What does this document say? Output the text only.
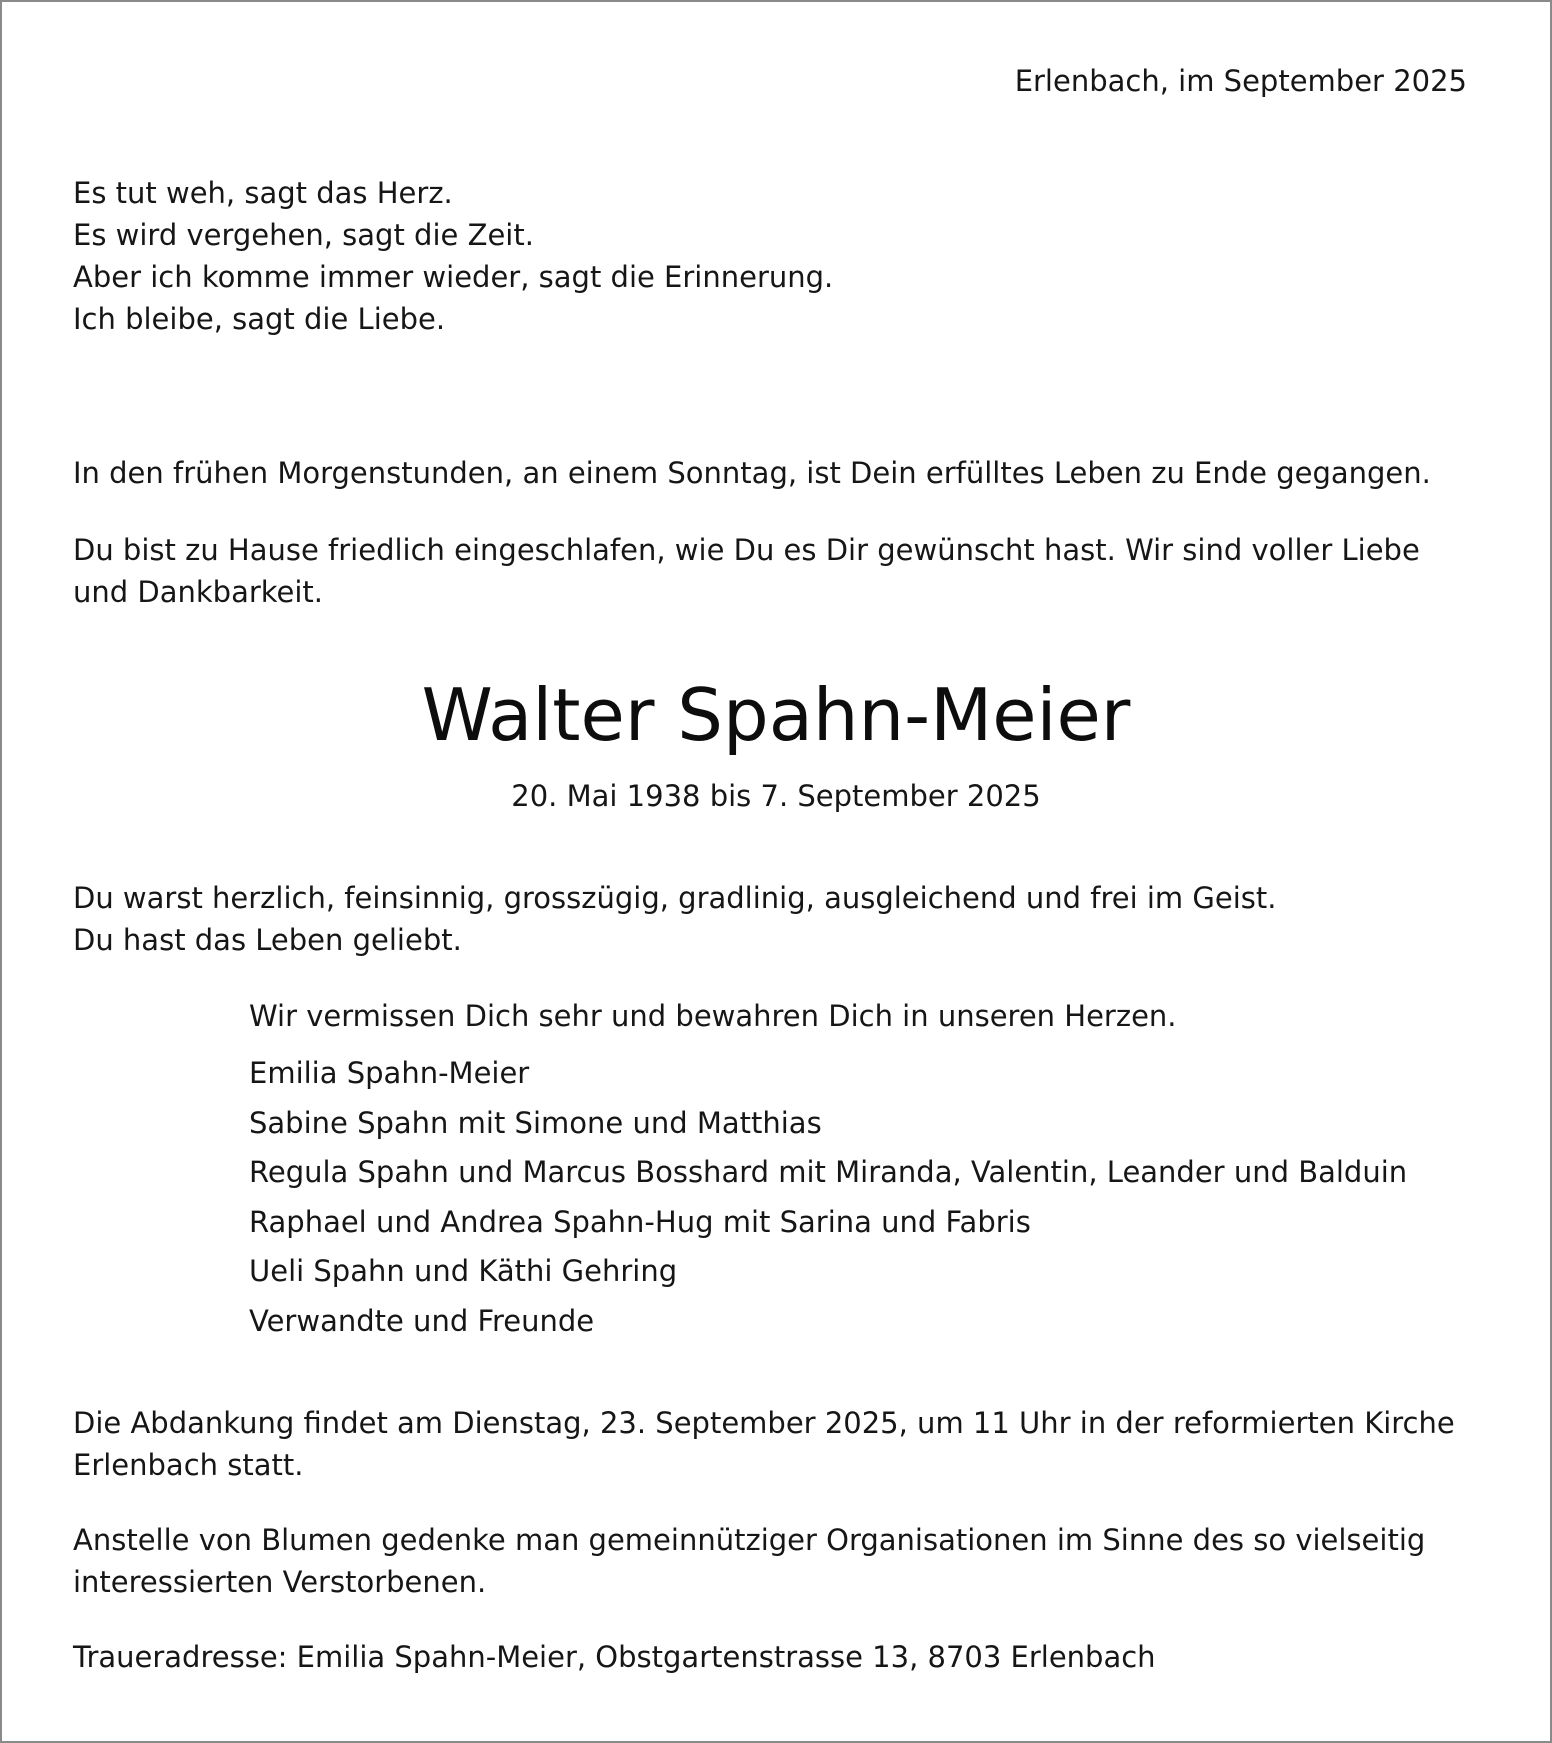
Erlenbach, im September 2025
Es tut weh, sagt das Herz.
Es wird vergehen, sagt die Zeit.
Aber ich komme immer wieder, sagt die Erinnerung.
Ich bleibe, sagt die Liebe.
In den frühen Morgenstunden, an einem Sonntag, ist Dein erfülltes Leben zu Ende gegangen.
Du bist zu Hause friedlich eingeschlafen, wie Du es Dir gewünscht hast. Wir sind voller Liebe und Dankbarkeit.
Walter Spahn-Meier
20. Mai 1938 bis 7. September 2025
Du warst herzlich, feinsinnig, grosszügig, gradlinig, ausgleichend und frei im Geist.
Du hast das Leben geliebt.
Wir vermissen Dich sehr und bewahren Dich in unseren Herzen.
Emilia Spahn-Meier
Sabine Spahn mit Simone und Matthias
Regula Spahn und Marcus Bosshard mit Miranda, Valentin, Leander und Balduin
Raphael und Andrea Spahn-Hug mit Sarina und Fabris
Ueli Spahn und Käthi Gehring
Verwandte und Freunde
Die Abdankung findet am Dienstag, 23. September 2025, um 11 Uhr in der reformierten Kirche Erlenbach statt.
Anstelle von Blumen gedenke man gemeinnütziger Organisationen im Sinne des so vielseitig interessierten Verstorbenen.
Traueradresse: Emilia Spahn-Meier, Obstgartenstrasse 13, 8703 Erlenbach
